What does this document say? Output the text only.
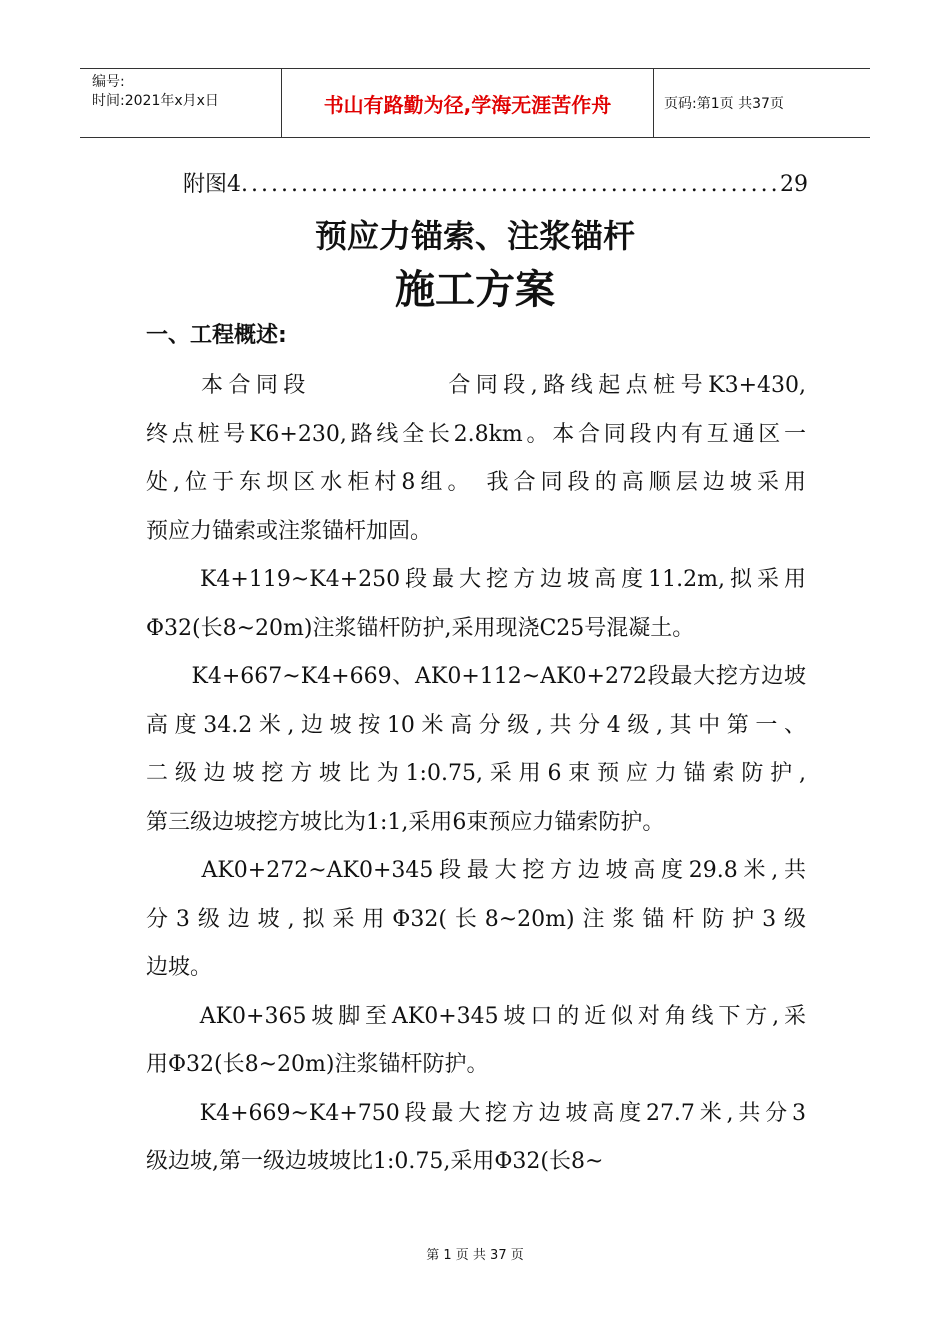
编号:
时间:2021年x月x日	书山有路勤为径,学海无涯苦作舟	页码:第1页 共37页
附图4
.....	29
预应力锚索、注浆锚杆
施工方案
一、工程概述:
　　本合同段　　　　　合同段,路线起点桩号K3+430,
终点桩号K6+230,路线全长2.8km。本合同段内有互通区一
处,位于东坝区水柜村8组。 我合同段的高顺层边坡采用
预应力锚索或注浆锚杆加固。
　　K4+119~K4+250段最大挖方边坡高度11.2m,拟采用
Φ32(长8~20m)注浆锚杆防护,采用现浇C25号混凝土。
　　K4+667~K4+669、AK0+112~AK0+272段最大挖方边坡
高度34.2米,边坡按10米高分级,共分4级,其中第一、
二级边坡挖方坡比为1:0.75,采用6束预应力锚索防护,
第三级边坡挖方坡比为1:1,采用6束预应力锚索防护。
　　AK0+272~AK0+345段最大挖方边坡高度29.8米,共
分3级边坡,拟采用Φ32(长8~20m)注浆锚杆防护3级
边坡。
　　AK0+365坡脚至AK0+345坡口的近似对角线下方,采
用Φ32(长8~20m)注浆锚杆防护。
　　K4+669~K4+750段最大挖方边坡高度27.7米,共分3
级边坡,第一级边坡坡比1:0.75,采用Φ32(长8~
第 1 页 共 37 页
